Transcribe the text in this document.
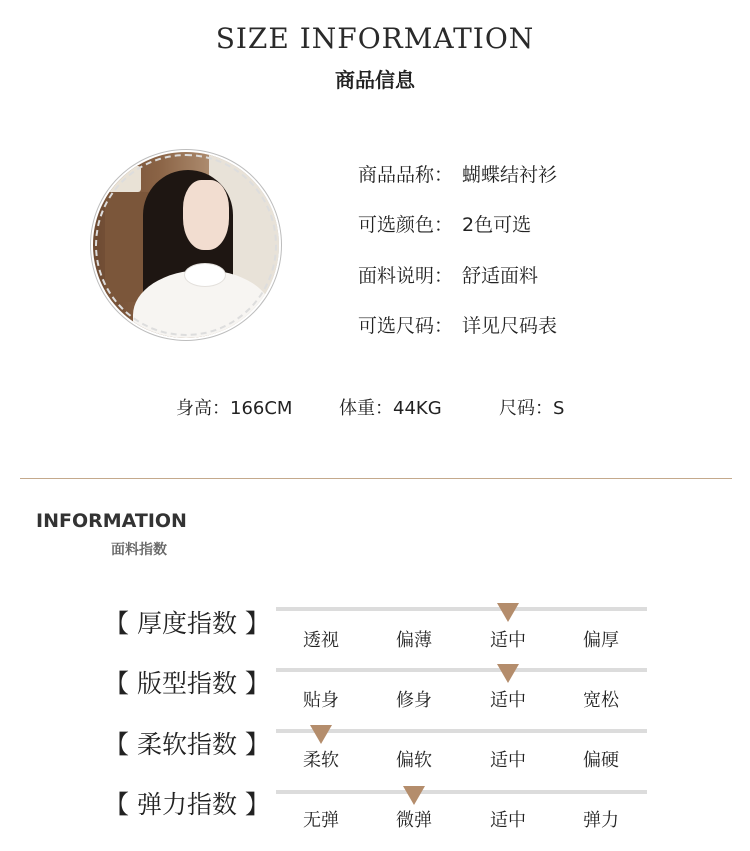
SIZE INFORMATION
商品信息
商品品称： 蝴蝶结衬衫
可选颜色： 2色可选
面料说明： 舒适面料
可选尺码： 详见尺码表
身高：166CM	体重：44KG	尺码：S
INFORMATION
面料指数
【 厚度指数 】
透视	偏薄	适中	偏厚
【 版型指数 】
贴身	修身	适中	宽松
【 柔软指数 】
柔软	偏软	适中	偏硬
【 弹力指数 】
无弹	微弹	适中	弹力
